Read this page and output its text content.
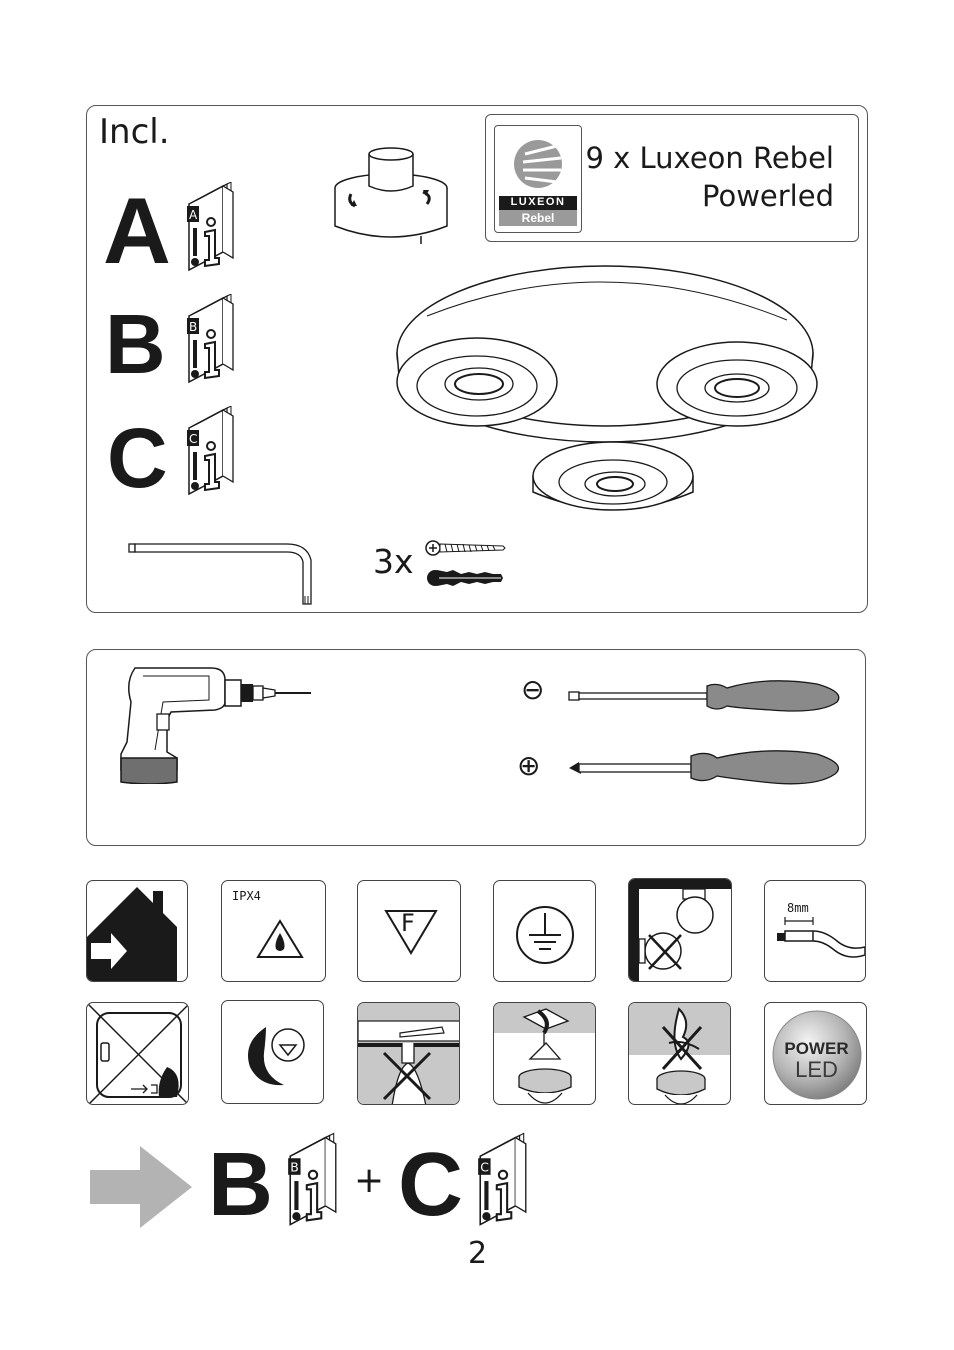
Incl.
A A
B B
C C
LUXEON
Rebel
9 x Luxeon Rebel
Powerled
3x
⊖
⊕
IPX4
F
8mm
POWER
LED
B B + C C
2
